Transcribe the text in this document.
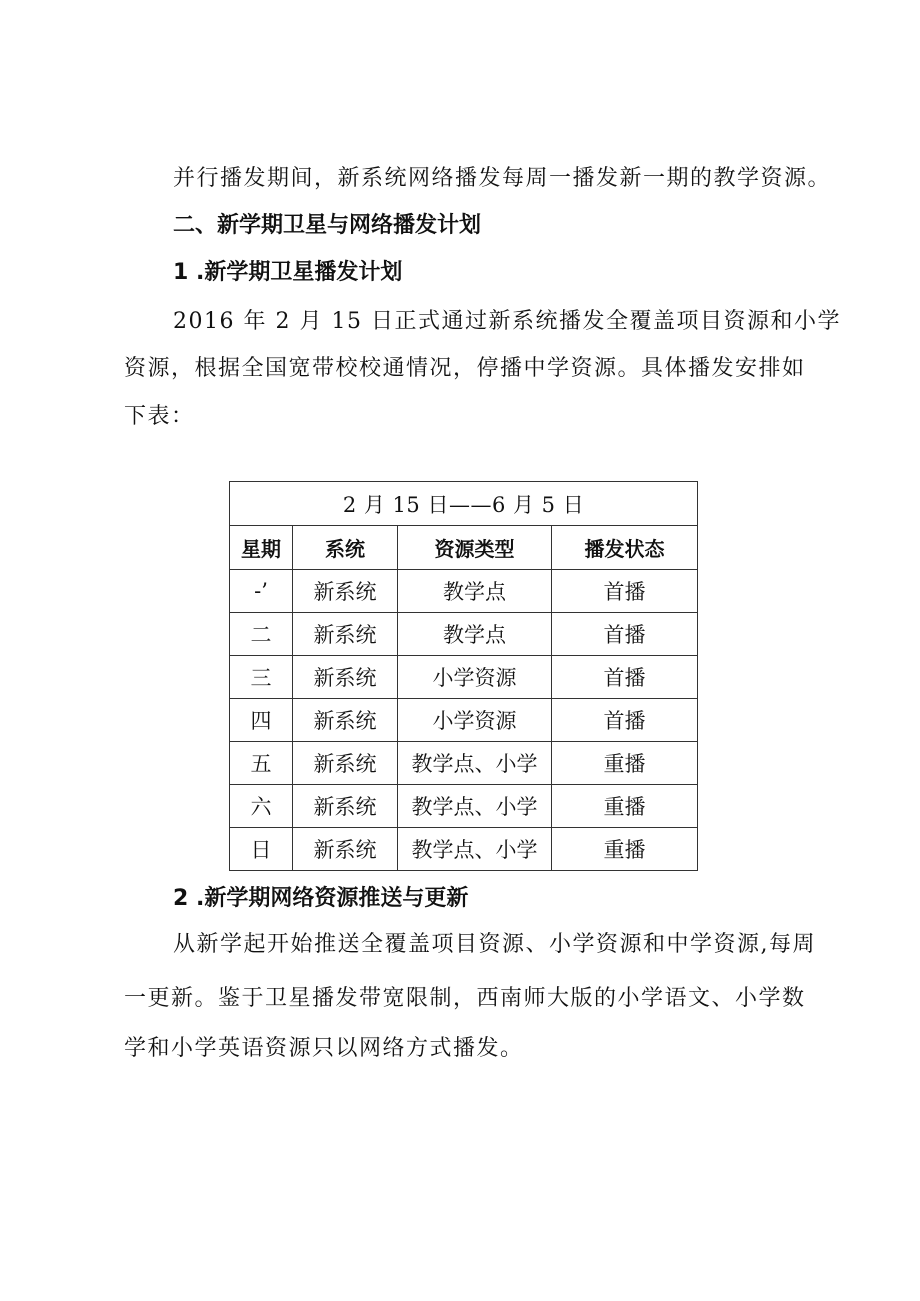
并行播发期间，新系统网络播发每周一播发新一期的教学资源。
二、新学期卫星与网络播发计划
1 .新学期卫星播发计划
2016 年 2 月 15 日正式通过新系统播发全覆盖项目资源和小学
资源，根据全国宽带校校通情况，停播中学资源。具体播发安排如
下表：
2 月 15 日——6 月 5 日			
星期	系统	资源类型	播发状态
-’	新系统	教学点	首播
二	新系统	教学点	首播
三	新系统	小学资源	首播
四	新系统	小学资源	首播
五	新系统	教学点、小学	重播
六	新系统	教学点、小学	重播
日	新系统	教学点、小学	重播
2 .新学期网络资源推送与更新
从新学起开始推送全覆盖项目资源、小学资源和中学资源,每周
一更新。鉴于卫星播发带宽限制，西南师大版的小学语文、小学数
学和小学英语资源只以网络方式播发。
